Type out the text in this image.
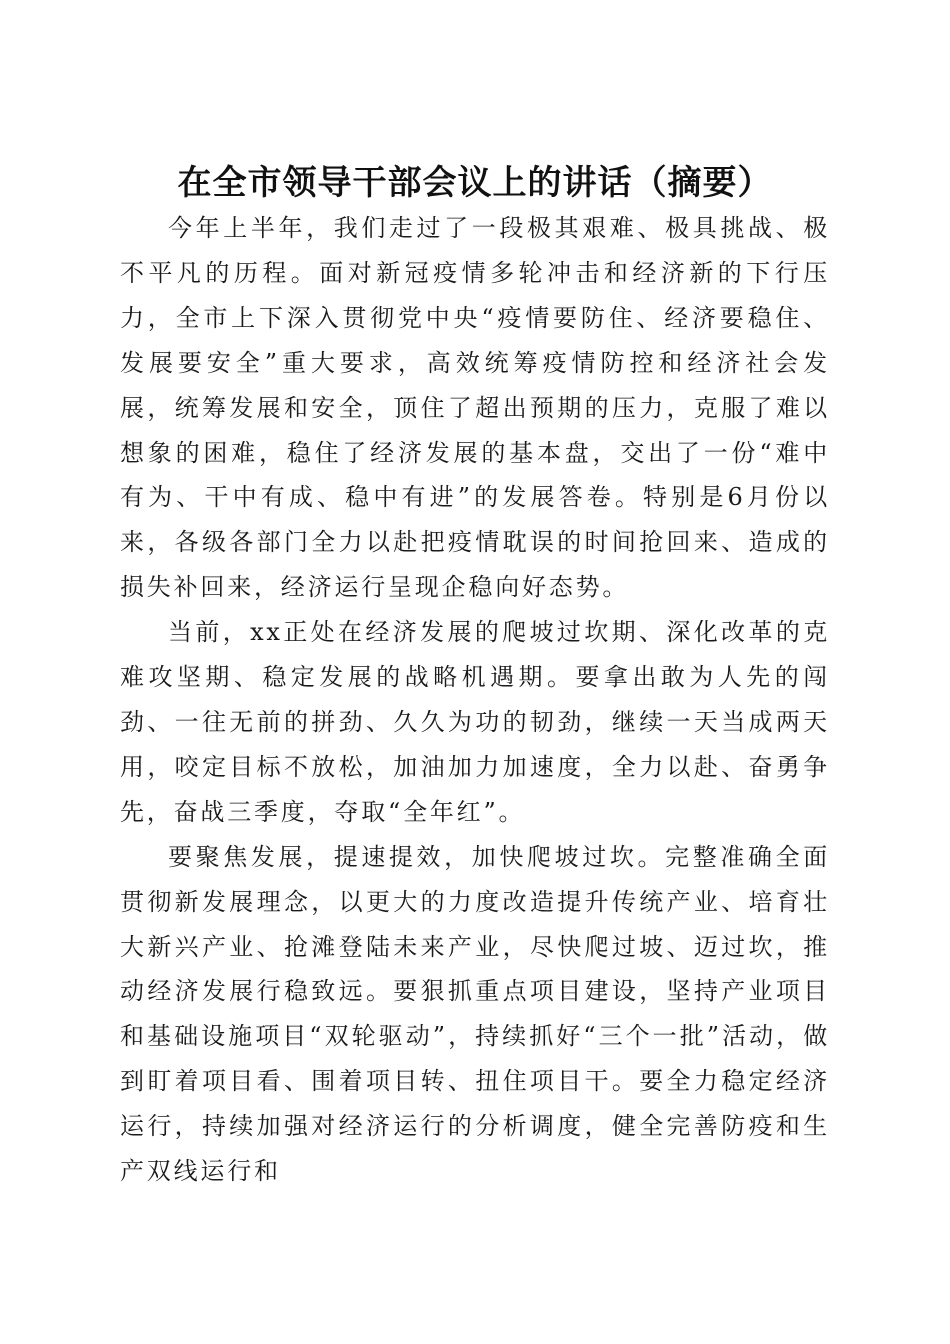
在全市领导干部会议上的讲话（摘要）

今年上半年，我们走过了一段极其艰难、极具挑战、极不平凡的历程。面对新冠疫情多轮冲击和经济新的下行压力，全市上下深入贯彻党中央“疫情要防住、经济要稳住、发展要安全”重大要求，高效统筹疫情防控和经济社会发展，统筹发展和安全，顶住了超出预期的压力，克服了难以想象的困难，稳住了经济发展的基本盘，交出了一份“难中有为、干中有成、稳中有进”的发展答卷。特别是6月份以来，各级各部门全力以赴把疫情耽误的时间抢回来、造成的损失补回来，经济运行呈现企稳向好态势。

当前，xx正处在经济发展的爬坡过坎期、深化改革的克难攻坚期、稳定发展的战略机遇期。要拿出敢为人先的闯劲、一往无前的拼劲、久久为功的韧劲，继续一天当成两天用，咬定目标不放松，加油加力加速度，全力以赴、奋勇争先，奋战三季度，夺取“全年红”。

要聚焦发展，提速提效，加快爬坡过坎。完整准确全面贯彻新发展理念，以更大的力度改造提升传统产业、培育壮大新兴产业、抢滩登陆未来产业，尽快爬过坡、迈过坎，推动经济发展行稳致远。要狠抓重点项目建设，坚持产业项目和基础设施项目“双轮驱动”，持续抓好“三个一批”活动，做到盯着项目看、围着项目转、扭住项目干。要全力稳定经济运行，持续加强对经济运行的分析调度，健全完善防疫和生产双线运行和
